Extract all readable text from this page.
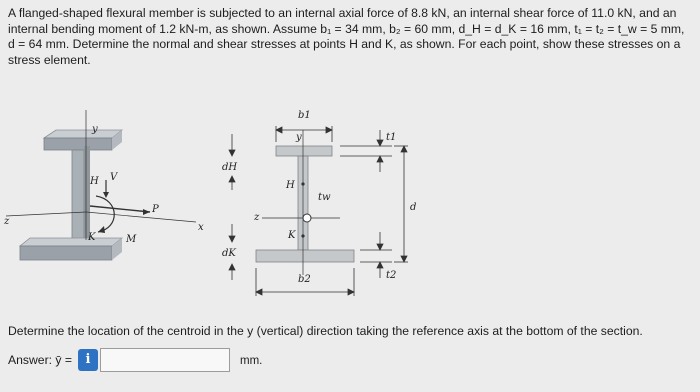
A flanged-shaped flexural member is subjected to an internal axial force of 8.8 kN, an internal shear force of 11.0 kN, and an internal bending moment of 1.2 kN-m, as shown. Assume b₁ = 34 mm, b₂ = 60 mm, d_H = d_K = 16 mm, t₁ = t₂ = t_w = 5 mm, d = 64 mm. Determine the normal and shear stresses at points H and K, as shown. For each point, show these stresses on a stress element.
y
H V
P
x
z
K	M
dH
dK
z
b1
y
H
tw
K
b2
t1
d
t2
Determine the location of the centroid in the y (vertical) direction taking the reference axis at the bottom of the section.
Answer: ȳ =	i	mm.
